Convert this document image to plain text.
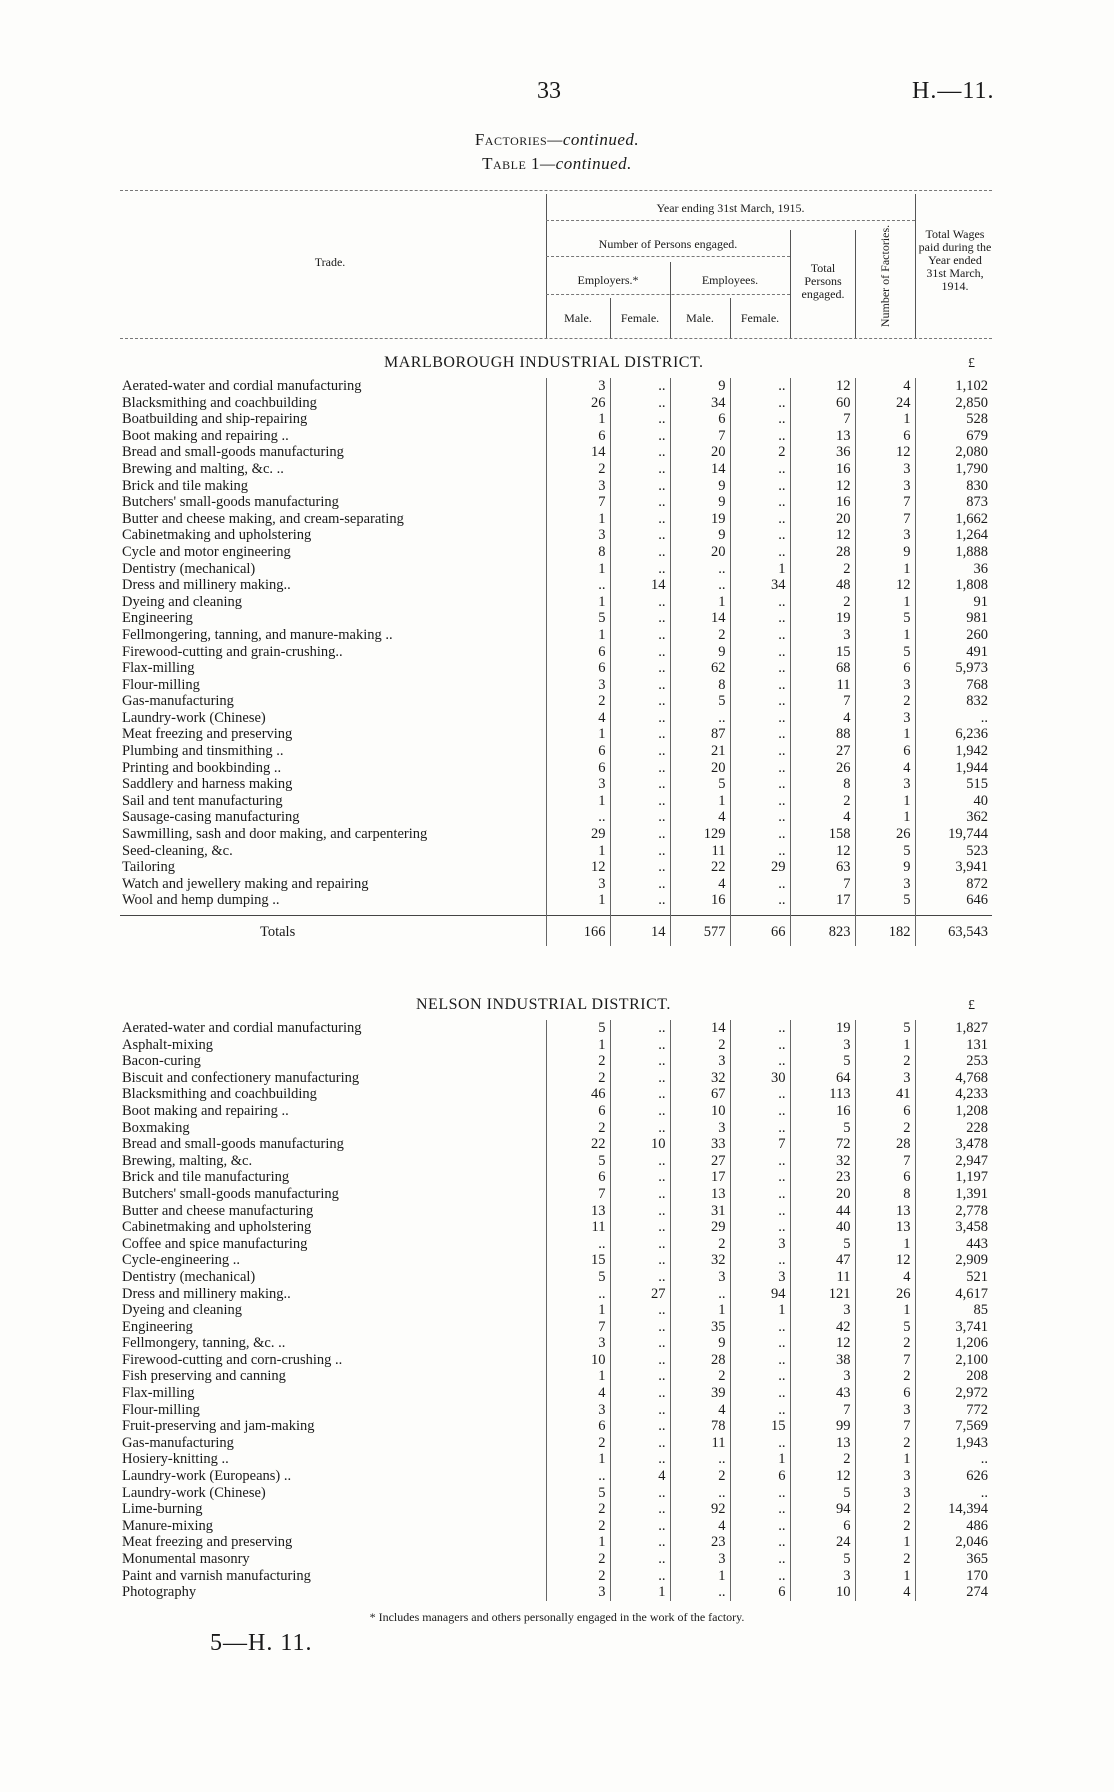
33	H.—11.
Factories—continued.
Table 1—continued.
Trade.
Year ending 31st March, 1915.
Number of Persons engaged.
Employers.*	Employees.
Male.	Female.	Male.	Female.
Total Persons engaged.	Number of Factories.	Total Wages paid during the Year ended 31st March, 1914.
MARLBOROUGH INDUSTRIAL DISTRICT.	£
Aerated-water and cordial manufacturing	3	..	9	..	12	4	1,102
Blacksmithing and coachbuilding	26	..	34	..	60	24	2,850
Boatbuilding and ship-repairing	1	..	6	..	7	1	528
Boot making and repairing ..	6	..	7	..	13	6	679
Bread and small-goods manufacturing	14	..	20	2	36	12	2,080
Brewing and malting, &c. ..	2	..	14	..	16	3	1,790
Brick and tile making	3	..	9	..	12	3	830
Butchers' small-goods manufacturing	7	..	9	..	16	7	873
Butter and cheese making, and cream-separating	1	..	19	..	20	7	1,662
Cabinetmaking and upholstering	3	..	9	..	12	3	1,264
Cycle and motor engineering	8	..	20	..	28	9	1,888
Dentistry (mechanical)	1	..	..	1	2	1	36
Dress and millinery making..	..	14	..	34	48	12	1,808
Dyeing and cleaning	1	..	1	..	2	1	91
Engineering	5	..	14	..	19	5	981
Fellmongering, tanning, and manure-making ..	1	..	2	..	3	1	260
Firewood-cutting and grain-crushing..	6	..	9	..	15	5	491
Flax-milling	6	..	62	..	68	6	5,973
Flour-milling	3	..	8	..	11	3	768
Gas-manufacturing	2	..	5	..	7	2	832
Laundry-work (Chinese)	4	..	..	..	4	3	..
Meat freezing and preserving	1	..	87	..	88	1	6,236
Plumbing and tinsmithing ..	6	..	21	..	27	6	1,942
Printing and bookbinding ..	6	..	20	..	26	4	1,944
Saddlery and harness making	3	..	5	..	8	3	515
Sail and tent manufacturing	1	..	1	..	2	1	40
Sausage-casing manufacturing	..	..	4	..	4	1	362
Sawmilling, sash and door making, and carpentering	29	..	129	..	158	26	19,744
Seed-cleaning, &c.	1	..	11	..	12	5	523
Tailoring	12	..	22	29	63	9	3,941
Watch and jewellery making and repairing	3	..	4	..	7	3	872
Wool and hemp dumping ..	1	..	16	..	17	5	646

Totals	166	14	577	66	823	182	63,543
NELSON INDUSTRIAL DISTRICT.	£
Aerated-water and cordial manufacturing	5	..	14	..	19	5	1,827
Asphalt-mixing	1	..	2	..	3	1	131
Bacon-curing	2	..	3	..	5	2	253
Biscuit and confectionery manufacturing	2	..	32	30	64	3	4,768
Blacksmithing and coachbuilding	46	..	67	..	113	41	4,233
Boot making and repairing ..	6	..	10	..	16	6	1,208
Boxmaking	2	..	3	..	5	2	228
Bread and small-goods manufacturing	22	10	33	7	72	28	3,478
Brewing, malting, &c.	5	..	27	..	32	7	2,947
Brick and tile manufacturing	6	..	17	..	23	6	1,197
Butchers' small-goods manufacturing	7	..	13	..	20	8	1,391
Butter and cheese manufacturing	13	..	31	..	44	13	2,778
Cabinetmaking and upholstering	11	..	29	..	40	13	3,458
Coffee and spice manufacturing	..	..	2	3	5	1	443
Cycle-engineering ..	15	..	32	..	47	12	2,909
Dentistry (mechanical)	5	..	3	3	11	4	521
Dress and millinery making..	..	27	..	94	121	26	4,617
Dyeing and cleaning	1	..	1	1	3	1	85
Engineering	7	..	35	..	42	5	3,741
Fellmongery, tanning, &c. ..	3	..	9	..	12	2	1,206
Firewood-cutting and corn-crushing ..	10	..	28	..	38	7	2,100
Fish preserving and canning	1	..	2	..	3	2	208
Flax-milling	4	..	39	..	43	6	2,972
Flour-milling	3	..	4	..	7	3	772
Fruit-preserving and jam-making	6	..	78	15	99	7	7,569
Gas-manufacturing	2	..	11	..	13	2	1,943
Hosiery-knitting ..	1	..	..	1	2	1	..
Laundry-work (Europeans) ..	..	4	2	6	12	3	626
Laundry-work (Chinese)	5	..	..	..	5	3	..
Lime-burning	2	..	92	..	94	2	14,394
Manure-mixing	2	..	4	..	6	2	486
Meat freezing and preserving	1	..	23	..	24	1	2,046
Monumental masonry	2	..	3	..	5	2	365
Paint and varnish manufacturing	2	..	1	..	3	1	170
Photography	3	1	..	6	10	4	274
* Includes managers and others personally engaged in the work of the factory.
5—H. 11.
